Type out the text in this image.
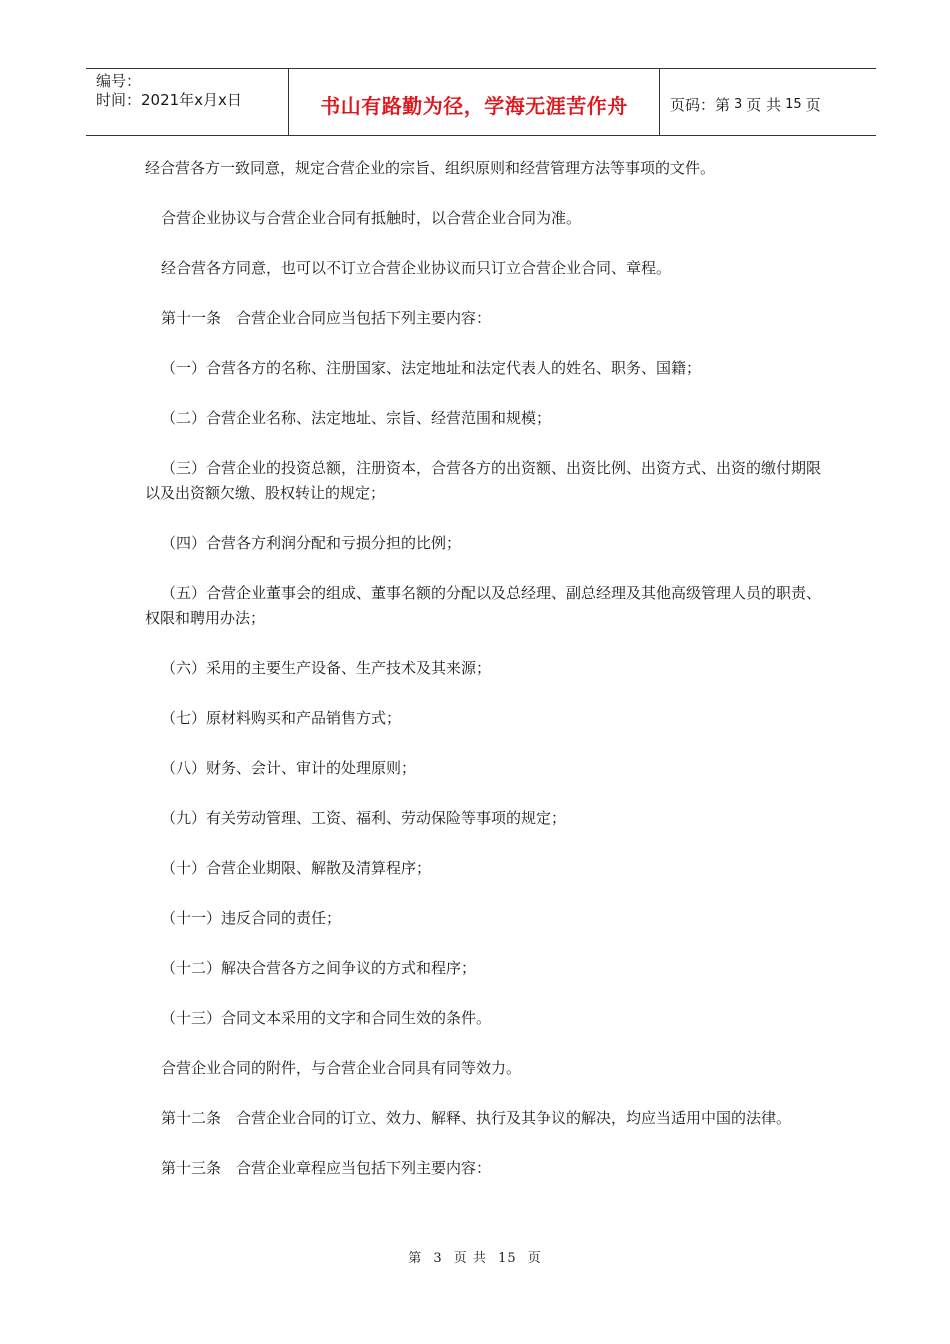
编号：
时间：2021年x月x日	书山有路勤为径，学海无涯苦作舟	页码：第 3 页 共 15 页

经合营各方一致同意，规定合营企业的宗旨、组织原则和经营管理方法等事项的文件。

合营企业协议与合营企业合同有抵触时，以合营企业合同为准。

经合营各方同意，也可以不订立合营企业协议而只订立合营企业合同、章程。

第十一条　合营企业合同应当包括下列主要内容：

（一）合营各方的名称、注册国家、法定地址和法定代表人的姓名、职务、国籍；

（二）合营企业名称、法定地址、宗旨、经营范围和规模；

（三）合营企业的投资总额，注册资本，合营各方的出资额、出资比例、出资方式、出资的缴付期限以及出资额欠缴、股权转让的规定；

（四）合营各方利润分配和亏损分担的比例；

（五）合营企业董事会的组成、董事名额的分配以及总经理、副总经理及其他高级管理人员的职责、权限和聘用办法；

（六）采用的主要生产设备、生产技术及其来源；

（七）原材料购买和产品销售方式；

（八）财务、会计、审计的处理原则；

（九）有关劳动管理、工资、福利、劳动保险等事项的规定；

（十）合营企业期限、解散及清算程序；

（十一）违反合同的责任；

（十二）解决合营各方之间争议的方式和程序；

（十三）合同文本采用的文字和合同生效的条件。

合营企业合同的附件，与合营企业合同具有同等效力。

第十二条　合营企业合同的订立、效力、解释、执行及其争议的解决，均应当适用中国的法律。

第十三条　合营企业章程应当包括下列主要内容：

第 3 页 共 15 页
